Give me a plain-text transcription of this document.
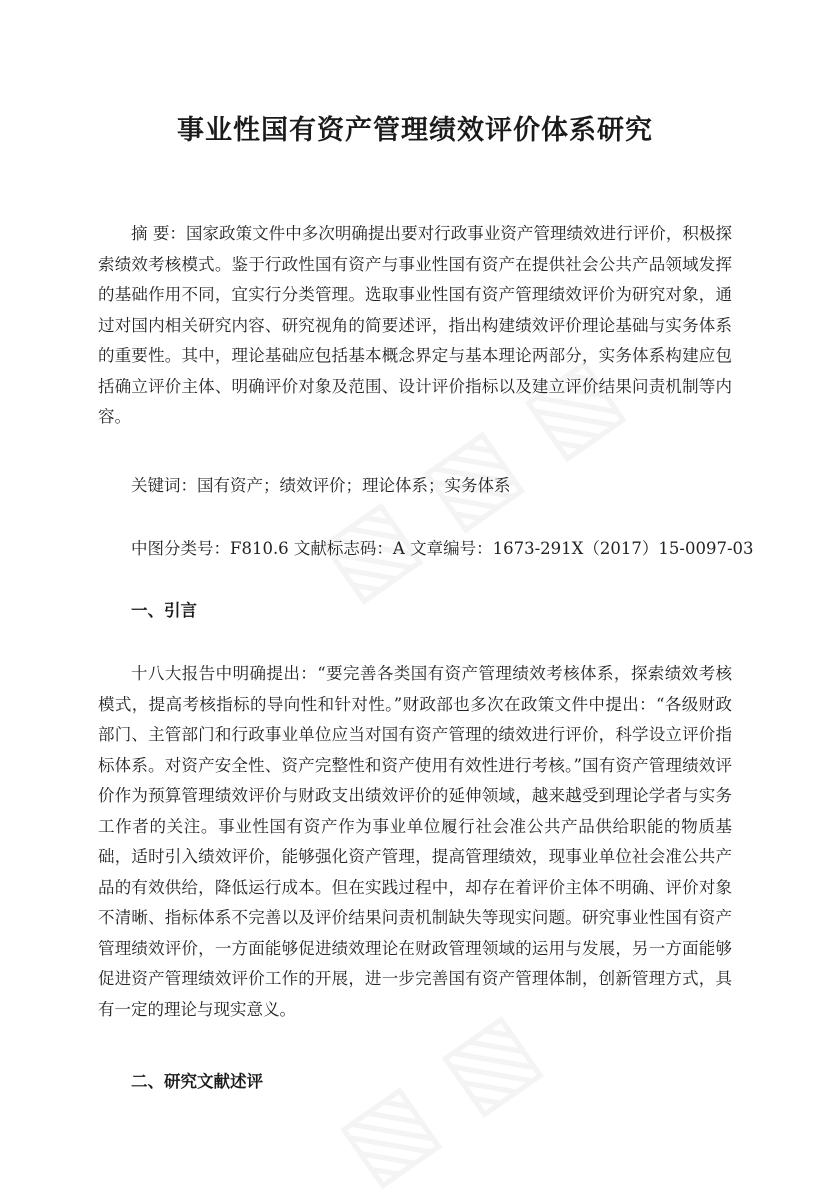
事业性国有资产管理绩效评价体系研究
摘 要：国家政策文件中多次明确提出要对行政事业资产管理绩效进行评价，积极探索绩效考核模式。鉴于行政性国有资产与事业性国有资产在提供社会公共产品领域发挥的基础作用不同，宜实行分类管理。选取事业性国有资产管理绩效评价为研究对象，通过对国内相关研究内容、研究视角的简要述评，指出构建绩效评价理论基础与实务体系的重要性。其中，理论基础应包括基本概念界定与基本理论两部分，实务体系构建应包括确立评价主体、明确评价对象及范围、设计评价指标以及建立评价结果问责机制等内容。
关键词：国有资产；绩效评价；理论体系；实务体系
中图分类号：F810.6 文献标志码：A 文章编号：1673-291X（2017）15-0097-03
一、引言
十八大报告中明确提出：“要完善各类国有资产管理绩效考核体系，探索绩效考核模式，提高考核指标的导向性和针对性。”财政部也多次在政策文件中提出：“各级财政部门、主管部门和行政事业单位应当对国有资产管理的绩效进行评价，科学设立评价指标体系。对资产安全性、资产完整性和资产使用有效性进行考核。”国有资产管理绩效评价作为预算管理绩效评价与财政支出绩效评价的延伸领域，越来越受到理论学者与实务工作者的关注。事业性国有资产作为事业单位履行社会准公共产品供给职能的物质基础，适时引入绩效评价，能够强化资产管理，提高管理绩效，现事业单位社会准公共产品的有效供给，降低运行成本。但在实践过程中，却存在着评价主体不明确、评价对象不清晰、指标体系不完善以及评价结果问责机制缺失等现实问题。研究事业性国有资产管理绩效评价，一方面能够促进绩效理论在财政管理领域的运用与发展，另一方面能够促进资产管理绩效评价工作的开展，进一步完善国有资产管理体制，创新管理方式，具有一定的理论与现实意义。
二、研究文献述评
